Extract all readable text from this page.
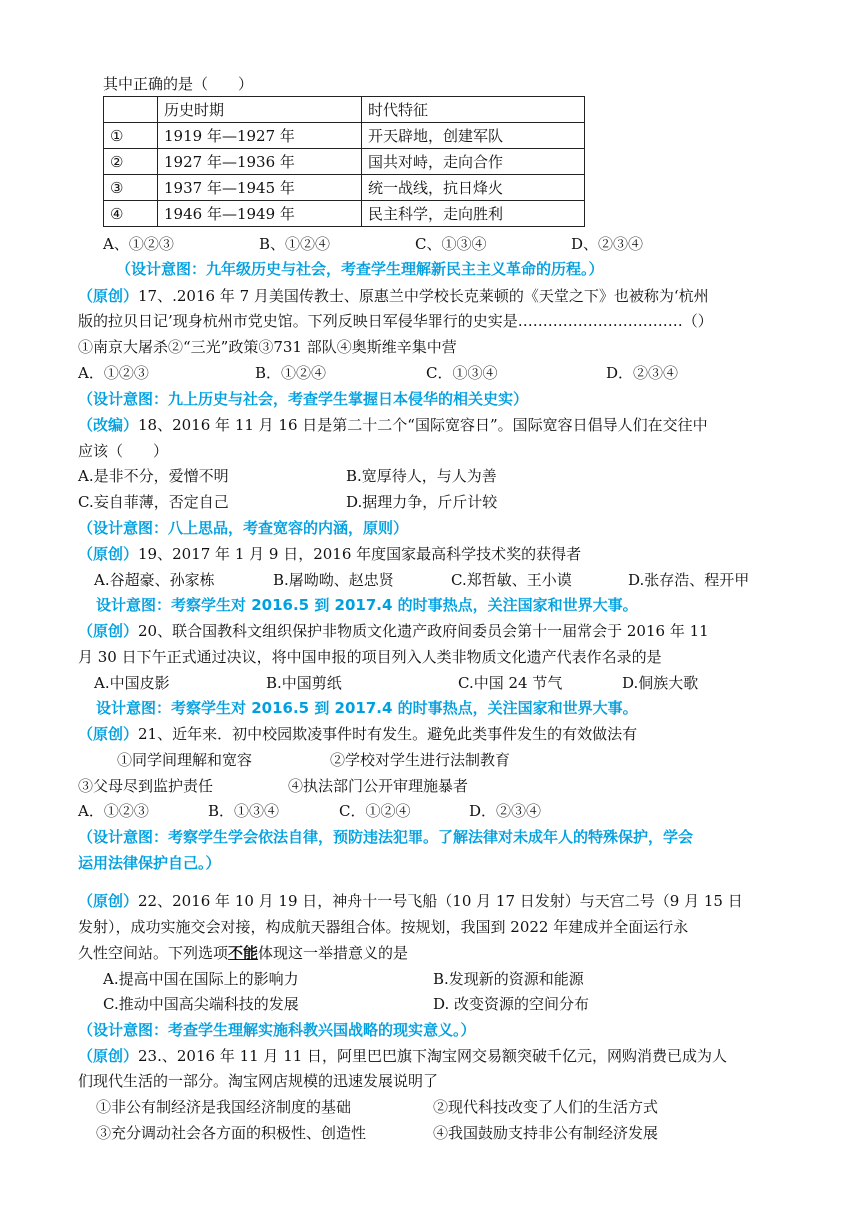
其中正确的是（　　）
	历史时期	时代特征
①	1919 年—1927 年	开天辟地，创建军队
②	1927 年—1936 年	国共对峙，走向合作
③	1937 年—1945 年	统一战线，抗日烽火
④	1946 年—1949 年	民主科学，走向胜利
A、①②③	B、①②④	C、①③④	D、②③④
（设计意图：九年级历史与社会，考查学生理解新民主主义革命的历程。）
（原创）17、.2016 年 7 月美国传教士、原惠兰中学校长克莱顿的《天堂之下》也被称为‘杭州
版的拉贝日记’现身杭州市党史馆。下列反映日军侵华罪行的史实是……………………………（）
①南京大屠杀②“三光”政策③731 部队④奥斯维辛集中营
A．①②③	B．①②④	C．①③④	D．②③④
（设计意图：九上历史与社会，考查学生掌握日本侵华的相关史实）
（改编）18、2016 年 11 月 16 日是第二十二个“国际宽容日”。国际宽容日倡导人们在交往中
应该（　　）
A.是非不分，爱憎不明	B.宽厚待人，与人为善
C.妄自菲薄，否定自己	D.据理力争，斤斤计较
（设计意图：八上思品，考查宽容的内涵，原则）
（原创）19、2017 年 1 月 9 日，2016 年度国家最高科学技术奖的获得者
A.谷超豪、孙家栋	B.屠呦呦、赵忠贤	C.郑哲敏、王小谟	D.张存浩、程开甲
设计意图：考察学生对 2016.5 到 2017.4 的时事热点，关注国家和世界大事。
（原创）20、联合国教科文组织保护非物质文化遗产政府间委员会第十一届常会于 2016 年 11
月 30 日下午正式通过决议，将中国申报的项目列入人类非物质文化遗产代表作名录的是
A.中国皮影	B.中国剪纸	C.中国 24 节气	D.侗族大歌
设计意图：考察学生对 2016.5 到 2017.4 的时事热点，关注国家和世界大事。
（原创）21、近年来．初中校园欺凌事件时有发生。避免此类事件发生的有效做法有
①同学间理解和宽容	②学校对学生进行法制教育
③父母尽到监护责任	④执法部门公开审理施暴者
A．①②③	B．①③④	C．①②④	D．②③④
（设计意图：考察学生学会依法自律，预防违法犯罪。了解法律对未成年人的特殊保护，学会
运用法律保护自己。）
（原创）22、2016 年 10 月 19 日，神舟十一号飞船（10 月 17 日发射）与天宫二号（9 月 15 日
发射），成功实施交会对接，构成航天器组合体。按规划，我国到 2022 年建成并全面运行永
久性空间站。下列选项不能体现这一举措意义的是
A.提高中国在国际上的影响力	B.发现新的资源和能源
C.推动中国高尖端科技的发展	D. 改变资源的空间分布
（设计意图：考查学生理解实施科教兴国战略的现实意义。）
（原创）23.、2016 年 11 月 11 日，阿里巴巴旗下淘宝网交易额突破千亿元，网购消费已成为人
们现代生活的一部分。淘宝网店规模的迅速发展说明了
①非公有制经济是我国经济制度的基础	②现代科技改变了人们的生活方式
③充分调动社会各方面的积极性、创造性	④我国鼓励支持非公有制经济发展
